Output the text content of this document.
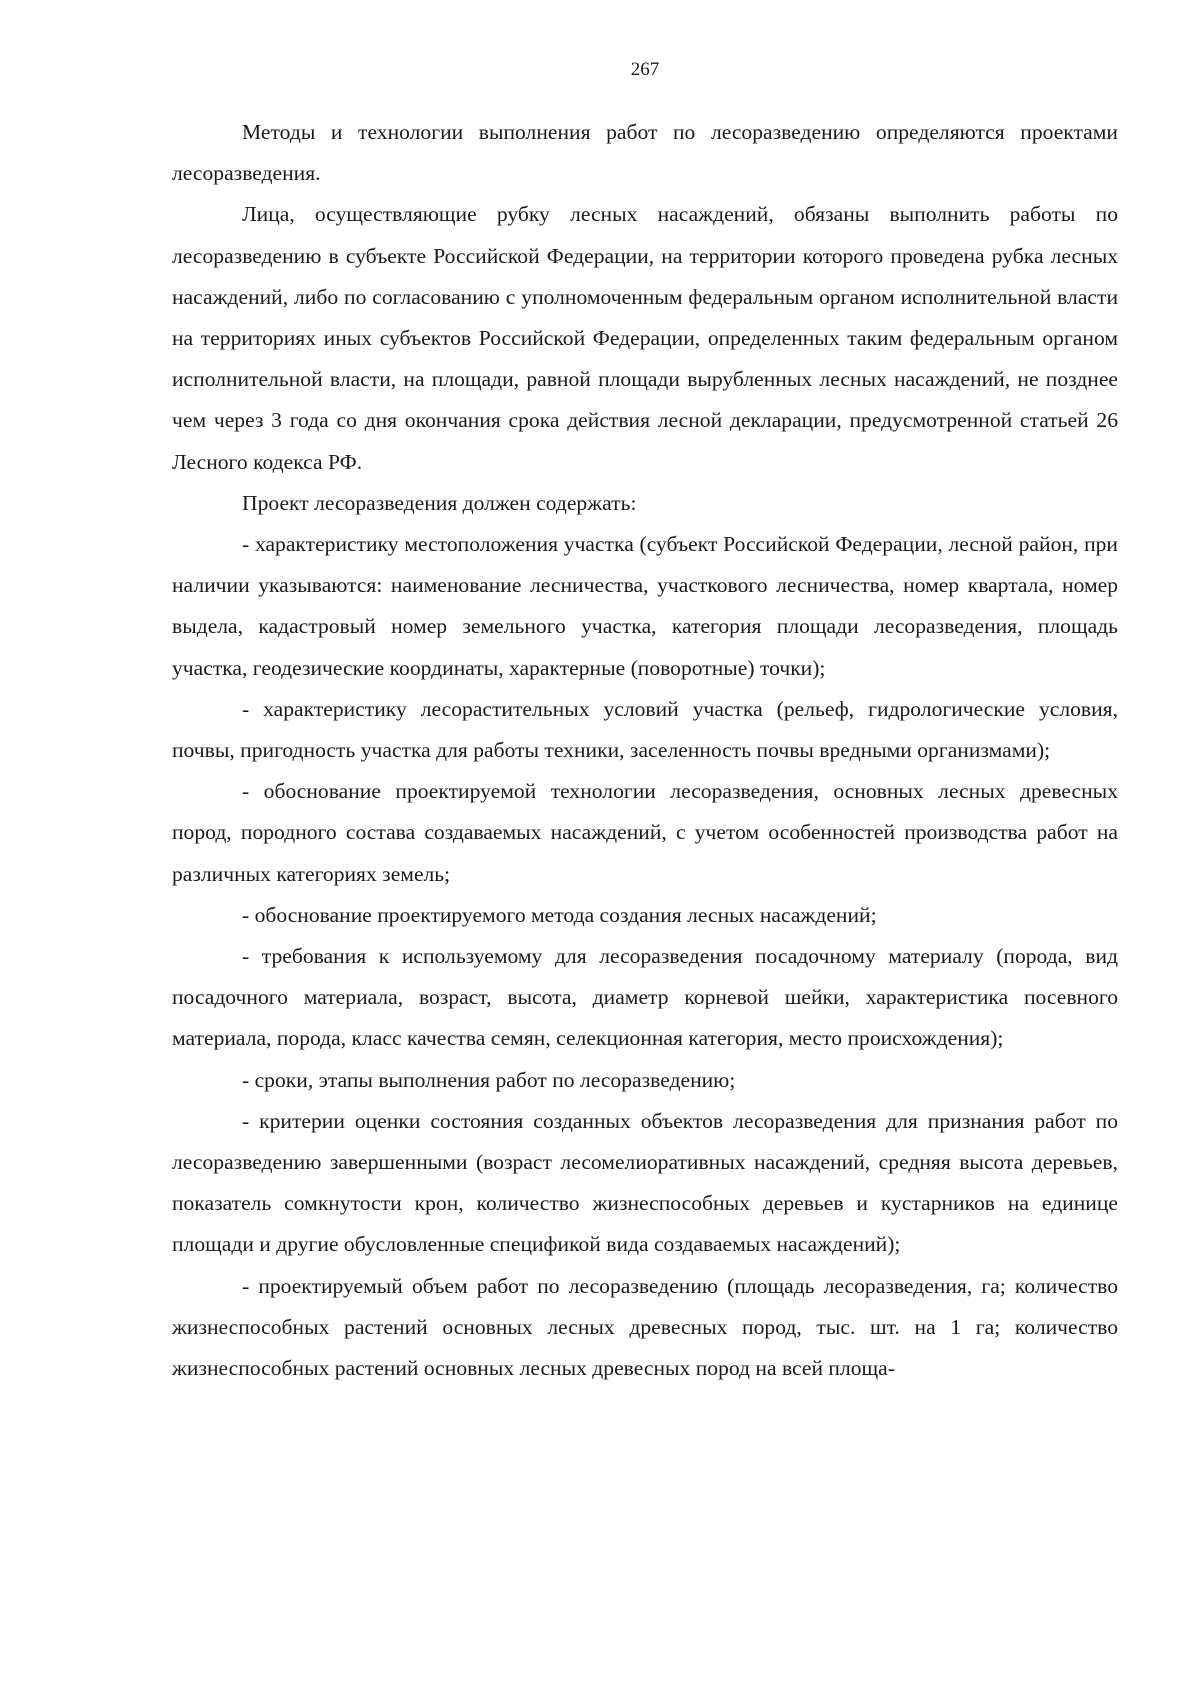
267

Методы и технологии выполнения работ по лесоразведению определяются проектами лесоразведения.

Лица, осуществляющие рубку лесных насаждений, обязаны выполнить работы по лесоразведению в субъекте Российской Федерации, на территории которого проведена рубка лесных насаждений, либо по согласованию с уполномоченным федеральным органом исполнительной власти на территориях иных субъектов Российской Федерации, определенных таким федеральным органом исполнительной власти, на площади, равной площади вырубленных лесных насаждений, не позднее чем через 3 года со дня окончания срока действия лесной декларации, предусмотренной статьей 26 Лесного кодекса РФ.

Проект лесоразведения должен содержать:

- характеристику местоположения участка (субъект Российской Федерации, лесной район, при наличии указываются: наименование лесничества, участкового лесничества, номер квартала, номер выдела, кадастровый номер земельного участка, категория площади лесоразведения, площадь участка, геодезические координаты, характерные (поворотные) точки);

- характеристику лесорастительных условий участка (рельеф, гидрологические условия, почвы, пригодность участка для работы техники, заселенность почвы вредными организмами);

- обоснование проектируемой технологии лесоразведения, основных лесных древесных пород, породного состава создаваемых насаждений, с учетом особенностей производства работ на различных категориях земель;

- обоснование проектируемого метода создания лесных насаждений;

- требования к используемому для лесоразведения посадочному материалу (порода, вид посадочного материала, возраст, высота, диаметр корневой шейки, характеристика посевного материала, порода, класс качества семян, селекционная категория, место происхождения);

- сроки, этапы выполнения работ по лесоразведению;

- критерии оценки состояния созданных объектов лесоразведения для признания работ по лесоразведению завершенными (возраст лесомелиоративных насаждений, средняя высота деревьев, показатель сомкнутости крон, количество жизнеспособных деревьев и кустарников на единице площади и другие обусловленные спецификой вида создаваемых насаждений);

- проектируемый объем работ по лесоразведению (площадь лесоразведения, га; количество жизнеспособных растений основных лесных древесных пород, тыс. шт. на 1 га; количество жизнеспособных растений основных лесных древесных пород на всей площа-
